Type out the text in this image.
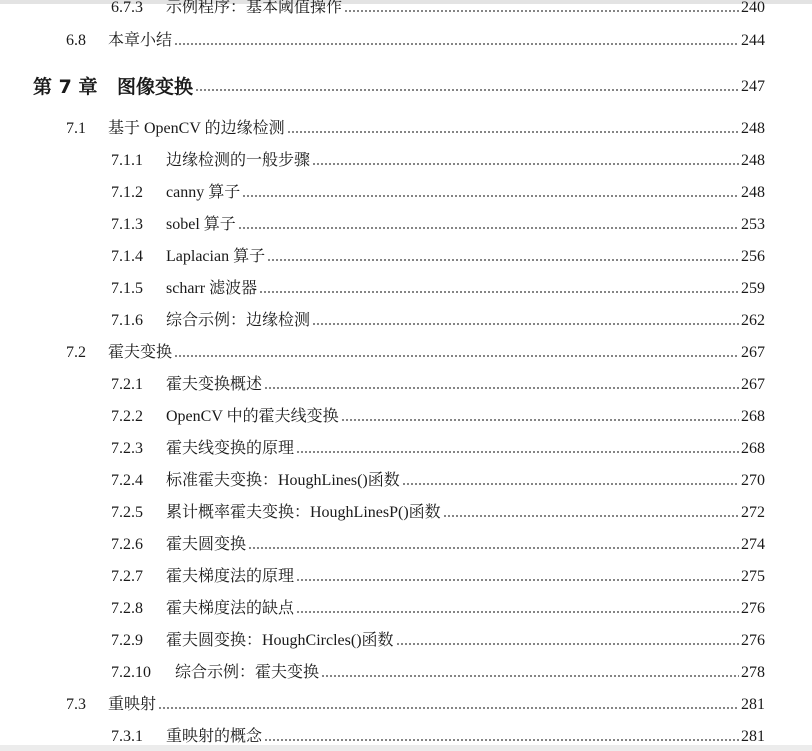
6.7.3	示例程序：基本阈值操作	240
6.8	本章小结	244
第 7 章	图像变换	247
7.1	基于 OpenCV 的边缘检测	248
7.1.1	边缘检测的一般步骤	248
7.1.2	canny 算子	248
7.1.3	sobel 算子	253
7.1.4	Laplacian 算子	256
7.1.5	scharr 滤波器	259
7.1.6	综合示例：边缘检测	262
7.2	霍夫变换	267
7.2.1	霍夫变换概述	267
7.2.2	OpenCV 中的霍夫线变换	268
7.2.3	霍夫线变换的原理	268
7.2.4	标准霍夫变换：HoughLines()函数	270
7.2.5	累计概率霍夫变换：HoughLinesP()函数	272
7.2.6	霍夫圆变换	274
7.2.7	霍夫梯度法的原理	275
7.2.8	霍夫梯度法的缺点	276
7.2.9	霍夫圆变换：HoughCircles()函数	276
7.2.10	综合示例：霍夫变换	278
7.3	重映射	281
7.3.1	重映射的概念	281
